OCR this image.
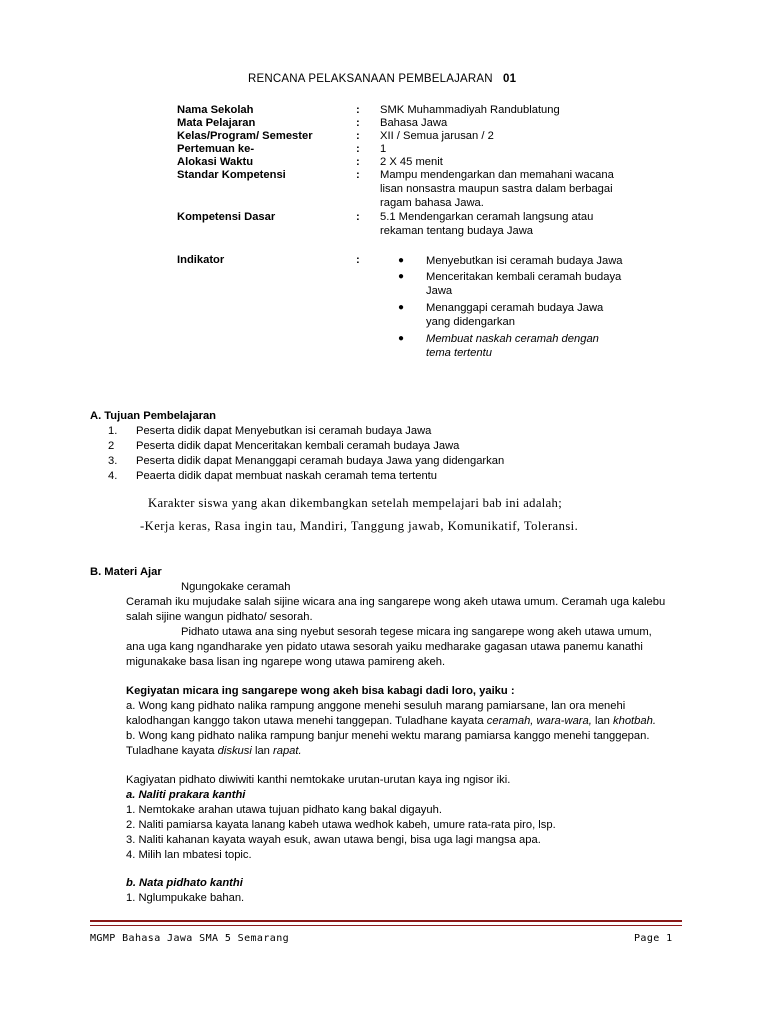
RENCANA PELAKSANAAN PEMBELAJARAN 01
Nama Sekolah	: SMK Muhammadiyah Randublatung
Mata Pelajaran	: Bahasa Jawa
Kelas/Program/ Semester	: XII / Semua jarusan / 2
Pertemuan ke-	: 1
Alokasi Waktu	: 2 X 45 menit
Standar Kompetensi	: Mampu mendengarkan dan memahani wacana
lisan nonsastra maupun sastra dalam berbagai
ragam bahasa Jawa.
Kompetensi Dasar	: 5.1 Mendengarkan ceramah langsung atau
rekaman tentang budaya Jawa
Indikator	:	● Menyebutkan isi ceramah budaya Jawa
● Menceritakan kembali ceramah budaya
Jawa
● Menanggapi ceramah budaya Jawa
yang didengarkan
● Membuat naskah ceramah dengan
tema tertentu
A. Tujuan Pembelajaran
1. Peserta didik dapat Menyebutkan isi ceramah budaya Jawa
2 Peserta didik dapat Menceritakan kembali ceramah budaya Jawa
3. Peserta didik dapat Menanggapi ceramah budaya Jawa yang didengarkan
4. Peaerta didik dapat membuat naskah ceramah tema tertentu
Karakter siswa yang akan dikembangkan setelah mempelajari bab ini adalah;
-Kerja keras, Rasa ingin tau, Mandiri, Tanggung jawab, Komunikatif, Toleransi.
B. Materi Ajar
Ngungokake ceramah
Ceramah iku mujudake salah sijine wicara ana ing sangarepe wong akeh utawa umum. Ceramah uga kalebu
salah sijine wangun pidhato/ sesorah.
Pidhato utawa ana sing nyebut sesorah tegese micara ing sangarepe wong akeh utawa umum,
ana uga kang ngandharake yen pidato utawa sesorah yaiku medharake gagasan utawa panemu kanathi
migunakake basa lisan ing ngarepe wong utawa pamireng akeh.
Kegiyatan micara ing sangarepe wong akeh bisa kabagi dadi loro, yaiku :
a. Wong kang pidhato nalika rampung anggone menehi sesuluh marang pamiarsane, lan ora menehi
kalodhangan kanggo takon utawa menehi tanggepan. Tuladhane kayata ceramah, wara-wara, lan khotbah.
b. Wong kang pidhato nalika rampung banjur menehi wektu marang pamiarsa kanggo menehi tanggepan.
Tuladhane kayata diskusi lan rapat.
Kagiyatan pidhato diwiwiti kanthi nemtokake urutan-urutan kaya ing ngisor iki.
a. Naliti prakara kanthi
1. Nemtokake arahan utawa tujuan pidhato kang bakal digayuh.
2. Naliti pamiarsa kayata lanang kabeh utawa wedhok kabeh, umure rata-rata piro, lsp.
3. Naliti kahanan kayata wayah esuk, awan utawa bengi, bisa uga lagi mangsa apa.
4. Milih lan mbatesi topic.
b. Nata pidhato kanthi
1. Nglumpukake bahan.
MGMP Bahasa Jawa SMA 5 Semarang	Page 1
